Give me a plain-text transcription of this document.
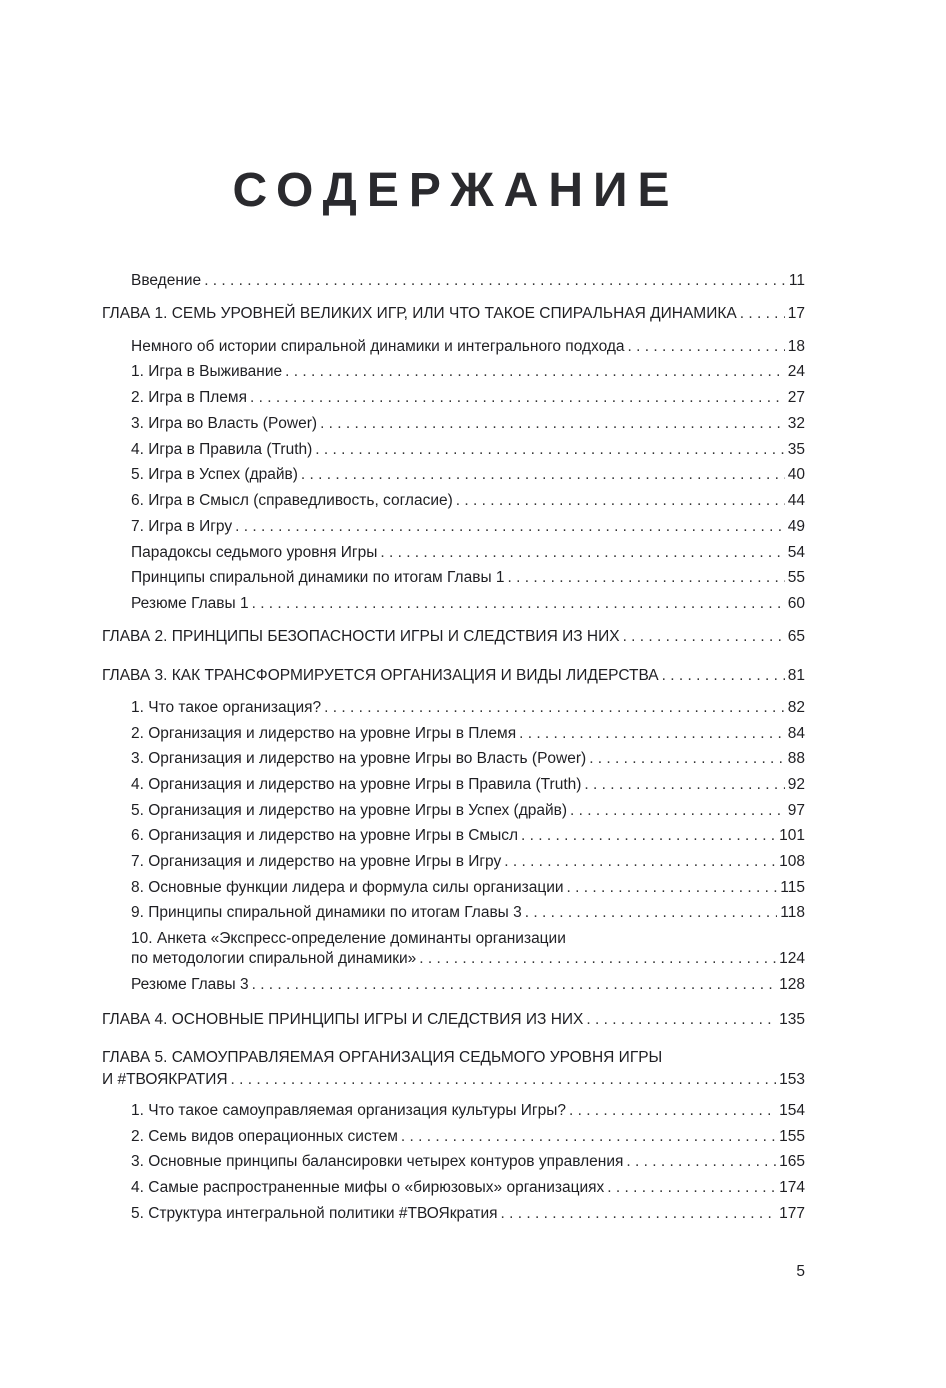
СОДЕРЖАНИЕ
Введение . . .	11
ГЛАВА 1. СЕМЬ УРОВНЕЙ ВЕЛИКИХ ИГР, ИЛИ ЧТО ТАКОЕ СПИРАЛЬНАЯ ДИНАМИКА . . .	17
Немного об истории спиральной динамики и интегрального подхода . . .	18
1. Игра в Выживание . . .	24
2. Игра в Племя . . .	27
3. Игра во Власть (Power) . . .	32
4. Игра в Правила (Truth) . . .	35
5. Игра в Успех (драйв) . . .	40
6. Игра в Смысл (справедливость, согласие) . . .	44
7. Игра в Игру . . .	49
Парадоксы седьмого уровня Игры . . .	54
Принципы спиральной динамики по итогам Главы 1 . . .	55
Резюме Главы 1 . . .	60
ГЛАВА 2. ПРИНЦИПЫ БЕЗОПАСНОСТИ ИГРЫ И СЛЕДСТВИЯ ИЗ НИХ . . .	65
ГЛАВА 3. КАК ТРАНСФОРМИРУЕТСЯ ОРГАНИЗАЦИЯ И ВИДЫ ЛИДЕРСТВА . . .	81
1. Что такое организация? . . .	82
2. Организация и лидерство на уровне Игры в Племя . . .	84
3. Организация и лидерство на уровне Игры во Власть (Power) . . .	88
4. Организация и лидерство на уровне Игры в Правила (Truth) . . .	92
5. Организация и лидерство на уровне Игры в Успех (драйв) . . .	97
6. Организация и лидерство на уровне Игры в Смысл . . .	101
7. Организация и лидерство на уровне Игры в Игру . . .	108
8. Основные функции лидера и формула силы организации . . .	115
9. Принципы спиральной динамики по итогам Главы 3 . . .	118
10. Анкета «Экспресс-определение доминанты организации
по методологии спиральной динамики» . . .	124
Резюме Главы 3 . . .	128
ГЛАВА 4. ОСНОВНЫЕ ПРИНЦИПЫ ИГРЫ И СЛЕДСТВИЯ ИЗ НИХ . . .	135
ГЛАВА 5. САМОУПРАВЛЯЕМАЯ ОРГАНИЗАЦИЯ СЕДЬМОГО УРОВНЯ ИГРЫ
И #ТВОЯКРАТИЯ . . .	153
1. Что такое самоуправляемая организация культуры Игры? . . .	154
2. Семь видов операционных систем . . .	155
3. Основные принципы балансировки четырех контуров управления . . .	165
4. Самые распространенные мифы о «бирюзовых» организациях . . .	174
5. Структура интегральной политики #ТВОЯкратия . . .	177
5
